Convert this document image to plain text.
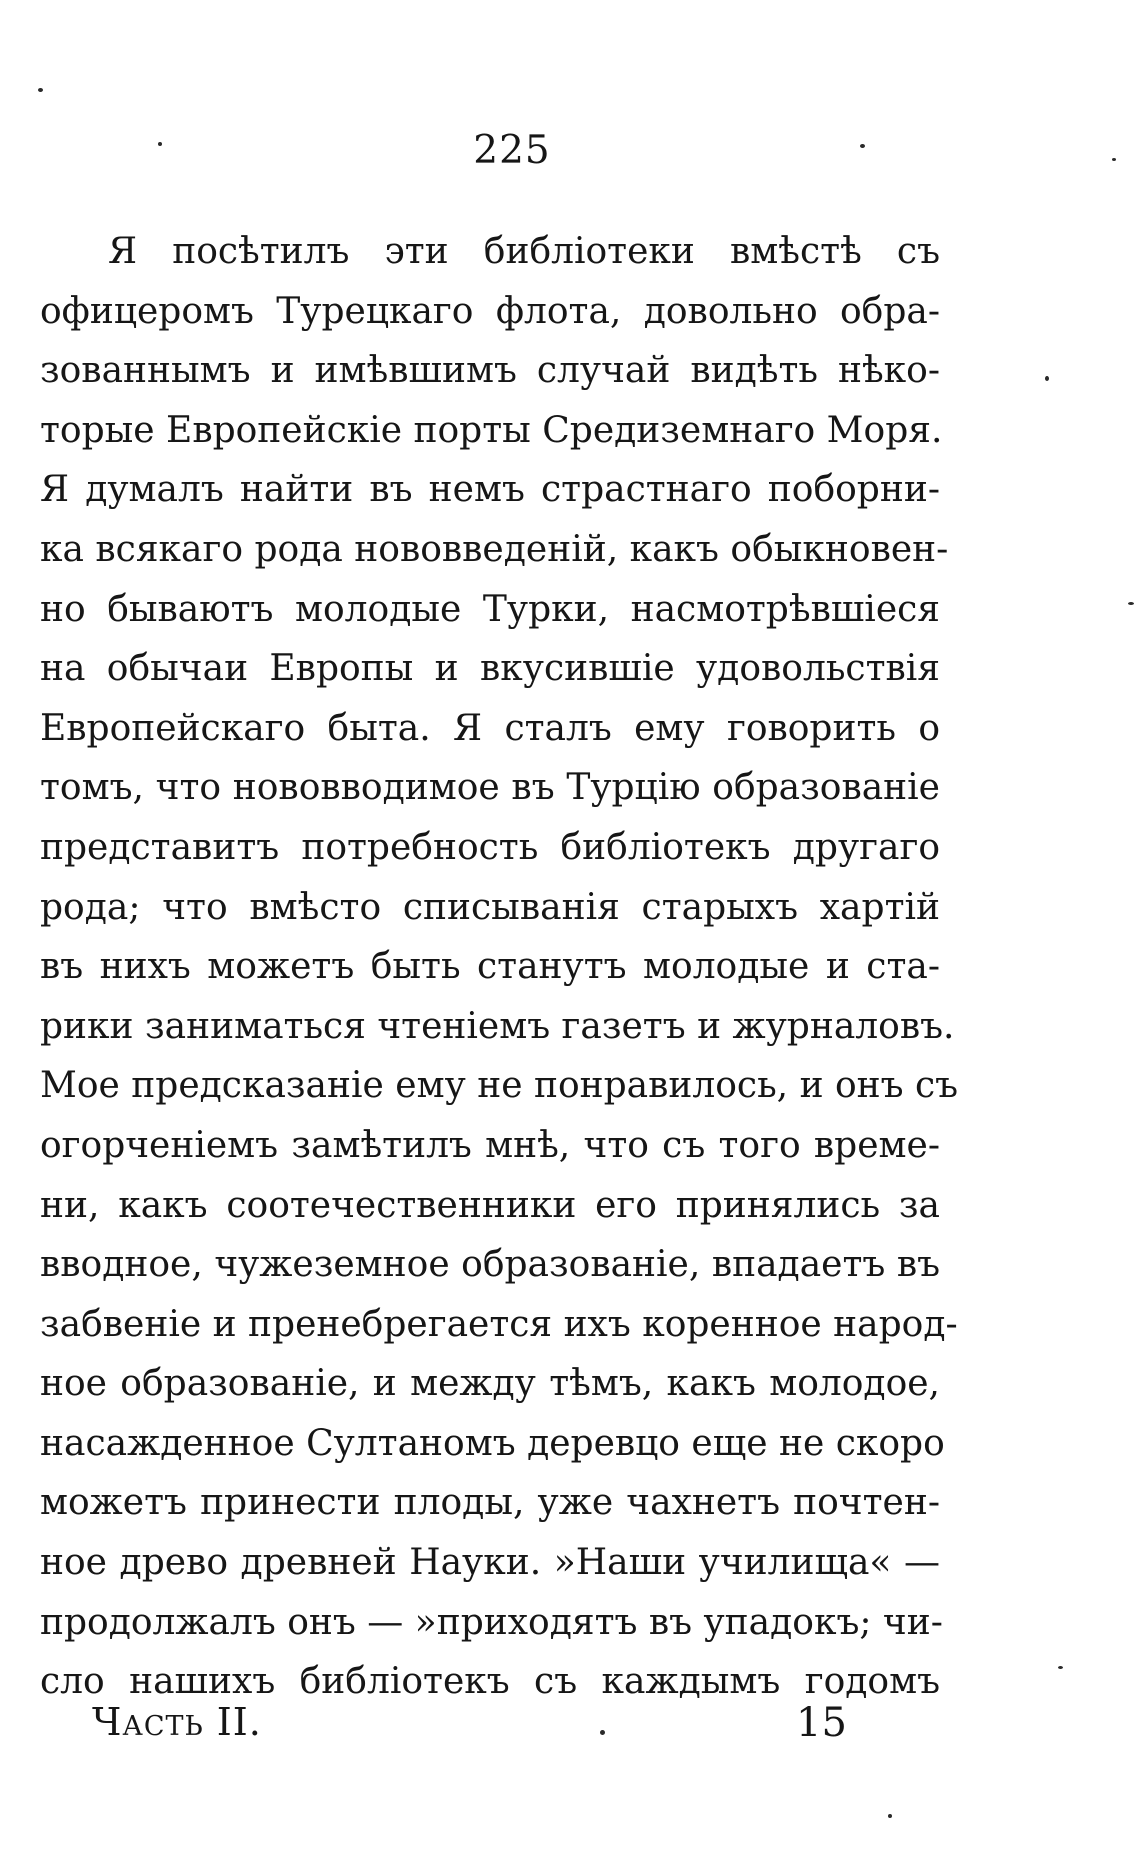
225
Я посѣтилъ эти библіотеки вмѣстѣ съ
офицеромъ Турецкаго флота, довольно обра-
зованнымъ и имѣвшимъ случай видѣть нѣко-
торые Европейскіе порты Средиземнаго Моря.
Я думалъ найти въ немъ страстнаго поборни-
ка всякаго рода нововведеній, какъ обыкновен-
но бываютъ молодые Турки, насмотрѣвшіеся
на обычаи Европы и вкусившіе удовольствія
Европейскаго быта. Я сталъ ему говорить о
томъ, что нововводимое въ Турцію образованіе
представитъ потребность библіотекъ другаго
рода; что вмѣсто списыванія старыхъ хартій
въ нихъ можетъ быть станутъ молодые и ста-
рики заниматься чтеніемъ газетъ и журналовъ.
Мое предсказаніе ему не понравилось, и онъ съ
огорченіемъ замѣтилъ мнѣ, что съ того време-
ни, какъ соотечественники его принялись за
вводное, чужеземное образованіе, впадаетъ въ
забвеніе и пренебрегается ихъ коренное народ-
ное образованіе, и между тѣмъ, какъ молодое,
насажденное Султаномъ деревцо еще не скоро
можетъ принести плоды, уже чахнетъ почтен-
ное древо древней Науки. »Наши училища« —
продолжалъ онъ — »приходятъ въ упадокъ; чи-
сло нашихъ библіотекъ съ каждымъ годомъ
Часть II.	15
